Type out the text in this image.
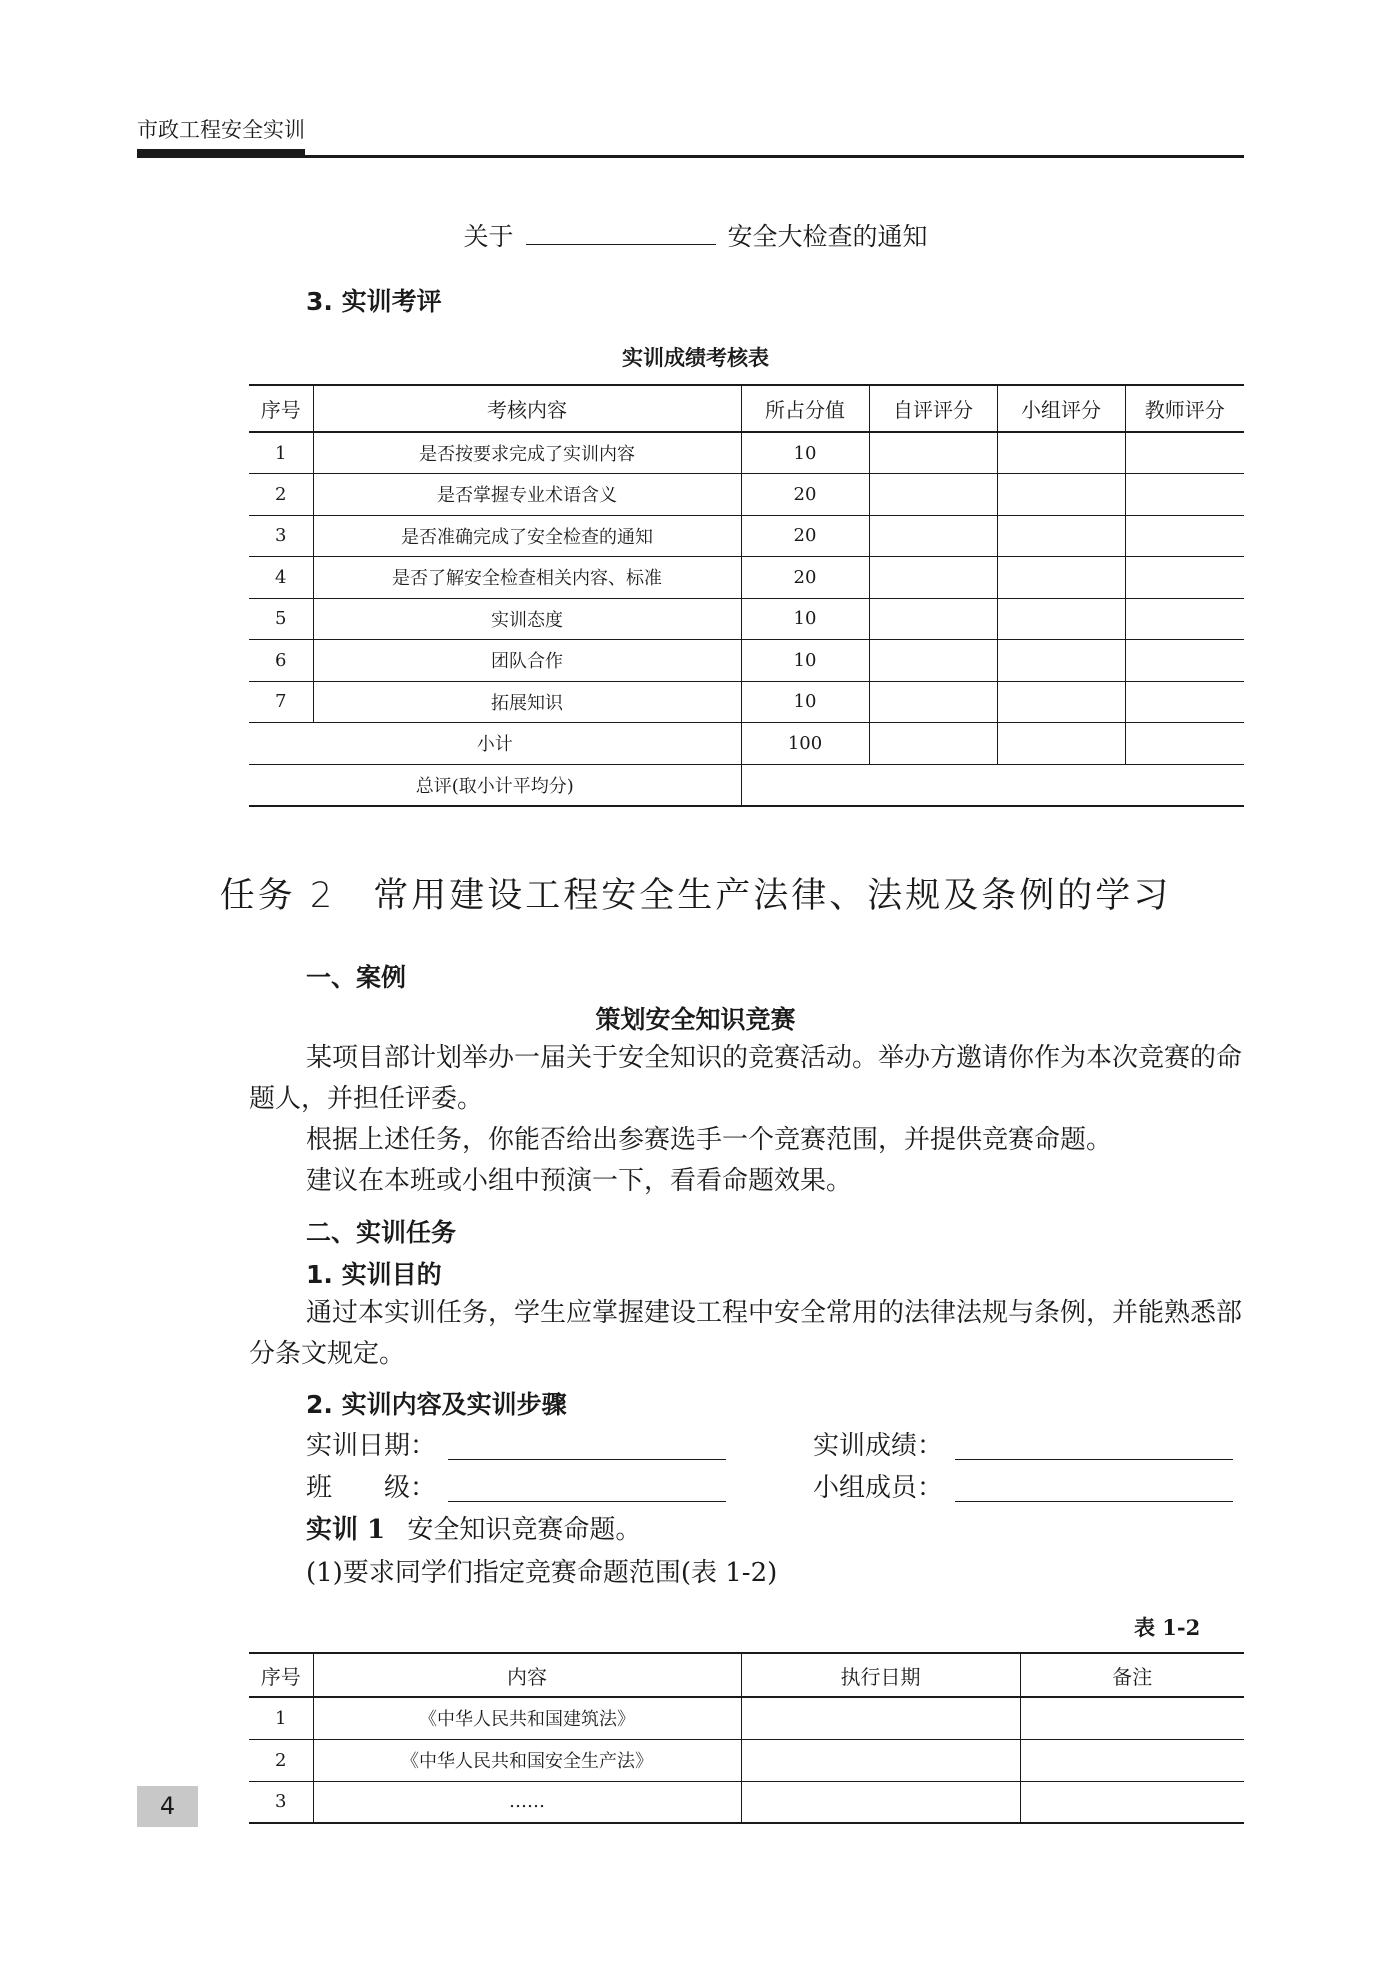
市政工程安全实训
关于	安全大检查的通知
3. 实训考评
实训成绩考核表
序号	考核内容	所占分值	自评评分	小组评分	教师评分
1	是否按要求完成了实训内容	10			
2	是否掌握专业术语含义	20			
3	是否准确完成了安全检查的通知	20			
4	是否了解安全检查相关内容、标准	20			
5	实训态度	10			
6	团队合作	10			
7	拓展知识	10			
小计		100			
总评(取小计平均分)					
任务 2　常用建设工程安全生产法律、法规及条例的学习
一、案例
策划安全知识竞赛

某项目部计划举办一届关于安全知识的竞赛活动。举办方邀请你作为本次竞赛的命题人，并担任评委。

根据上述任务，你能否给出参赛选手一个竞赛范围，并提供竞赛命题。

建议在本班或小组中预演一下，看看命题效果。

二、实训任务
1. 实训目的

通过本实训任务，学生应掌握建设工程中安全常用的法律法规与条例，并能熟悉部分条文规定。

2. 实训内容及实训步骤
实训日期：	实训成绩：
班　　级：	小组成员：
实训 1 安全知识竞赛命题。
(1)要求同学们指定竞赛命题范围(表 1-2)
表 1-2
序号	内容	执行日期	备注
1	《中华人民共和国建筑法》		
2	《中华人民共和国安全生产法》		
3	……		
4
